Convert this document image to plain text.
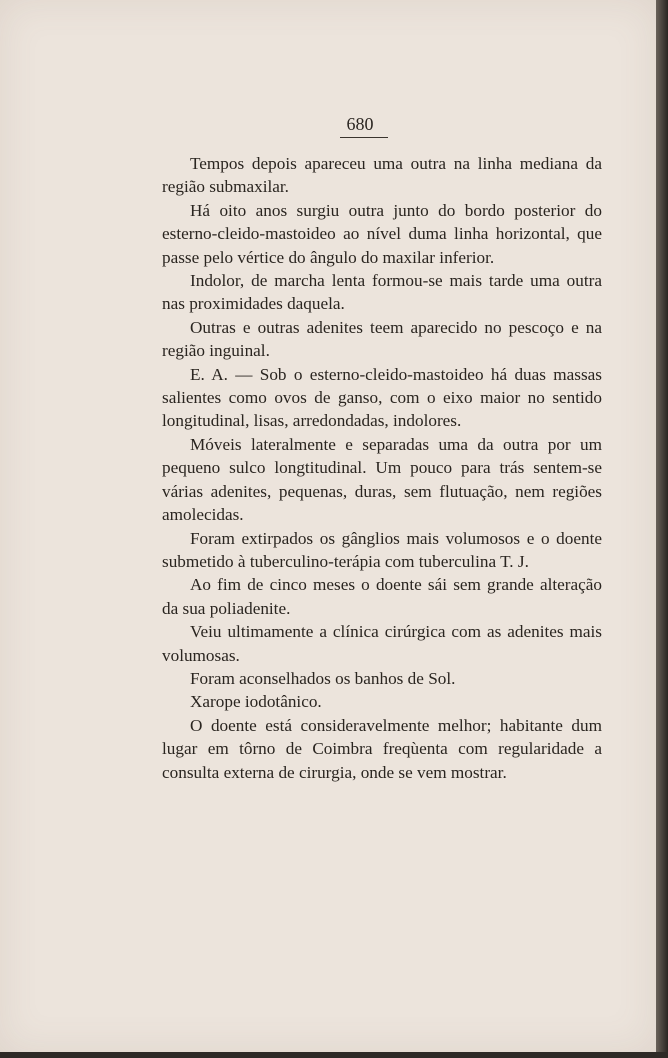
680

Tempos depois apareceu uma outra na linha mediana da região submaxilar.

Há oito anos surgiu outra junto do bordo posterior do esterno-cleido-mastoideo ao nível duma linha horizontal, que passe pelo vértice do ângulo do maxilar inferior.

Indolor, de marcha lenta formou-se mais tarde uma outra nas proximidades daquela.

Outras e outras adenites teem aparecido no pescoço e na região inguinal.

E. A. — Sob o esterno-cleido-mastoideo há duas massas salientes como ovos de ganso, com o eixo maior no sentido longitudinal, lisas, arredondadas, indolores.

Móveis lateralmente e separadas uma da outra por um pequeno sulco longtitudinal. Um pouco para trás sentem-se várias adenites, pequenas, duras, sem flutuação, nem regiões amolecidas.

Foram extirpados os gânglios mais volumosos e o doente submetido à tuberculino-terápia com tuberculina T. J.

Ao fim de cinco meses o doente sái sem grande alteração da sua poliadenite.

Veiu ultimamente a clínica cirúrgica com as adenites mais volumosas.

Foram aconselhados os banhos de Sol.

Xarope iodotânico.

O doente está consideravelmente melhor; habitante dum lugar em tôrno de Coimbra freqùenta com regularidade a consulta externa de cirurgia, onde se vem mostrar.
